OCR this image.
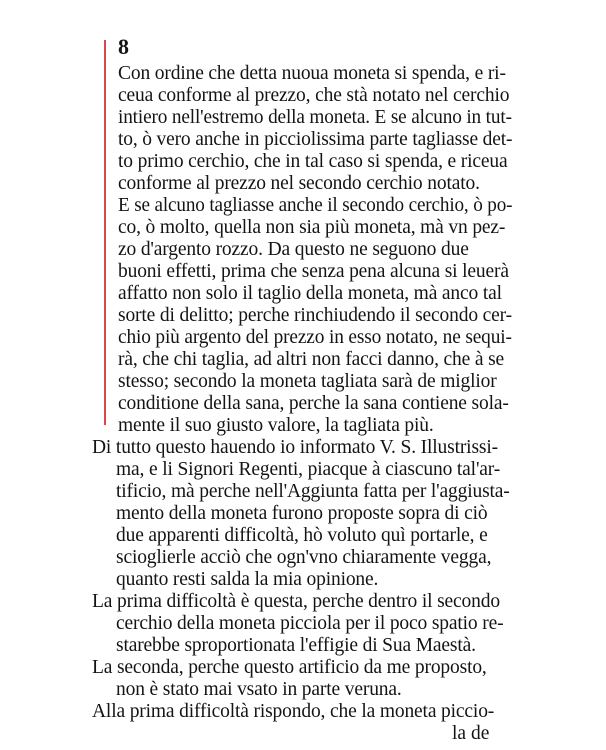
8
Con ordine che detta nuoua moneta si spenda, e ri-
ceua conforme al prezzo, che stà notato nel cerchio
intiero nell'estremo della moneta. E se alcuno in tut-
to, ò vero anche in picciolissima parte tagliasse det-
to primo cerchio, che in tal caso si spenda, e riceua
conforme al prezzo nel secondo cerchio notato.
E se alcuno tagliasse anche il secondo cerchio, ò po-
co, ò molto, quella non sia più moneta, mà vn pez-
zo d'argento rozzo. Da questo ne seguono due
buoni effetti, prima che senza pena alcuna si leuerà
affatto non solo il taglio della moneta, mà anco tal
sorte di delitto; perche rinchiudendo il secondo cer-
chio più argento del prezzo in esso notato, ne sequi-
rà, che chi taglia, ad altri non facci danno, che à se
stesso; secondo la moneta tagliata sarà de miglior
conditione della sana, perche la sana contiene sola-
mente il suo giusto valore, la tagliata più.
Di tutto questo hauendo io informato V. S. Illustrissi-
ma, e li Signori Regenti, piacque à ciascuno tal'ar-
tificio, mà perche nell'Aggiunta fatta per l'aggiusta-
mento della moneta furono proposte sopra di ciò
due apparenti difficoltà, hò voluto quì portarle, e
scioglierle acciò che ogn'vno chiaramente vegga,
quanto resti salda la mia opinione.
La prima difficoltà è questa, perche dentro il secondo
cerchio della moneta picciola per il poco spatio re-
starebbe sproportionata l'effigie di Sua Maestà.
La seconda, perche questo artificio da me proposto,
non è stato mai vsato in parte veruna.
Alla prima difficoltà rispondo, che la moneta piccio-
la de
